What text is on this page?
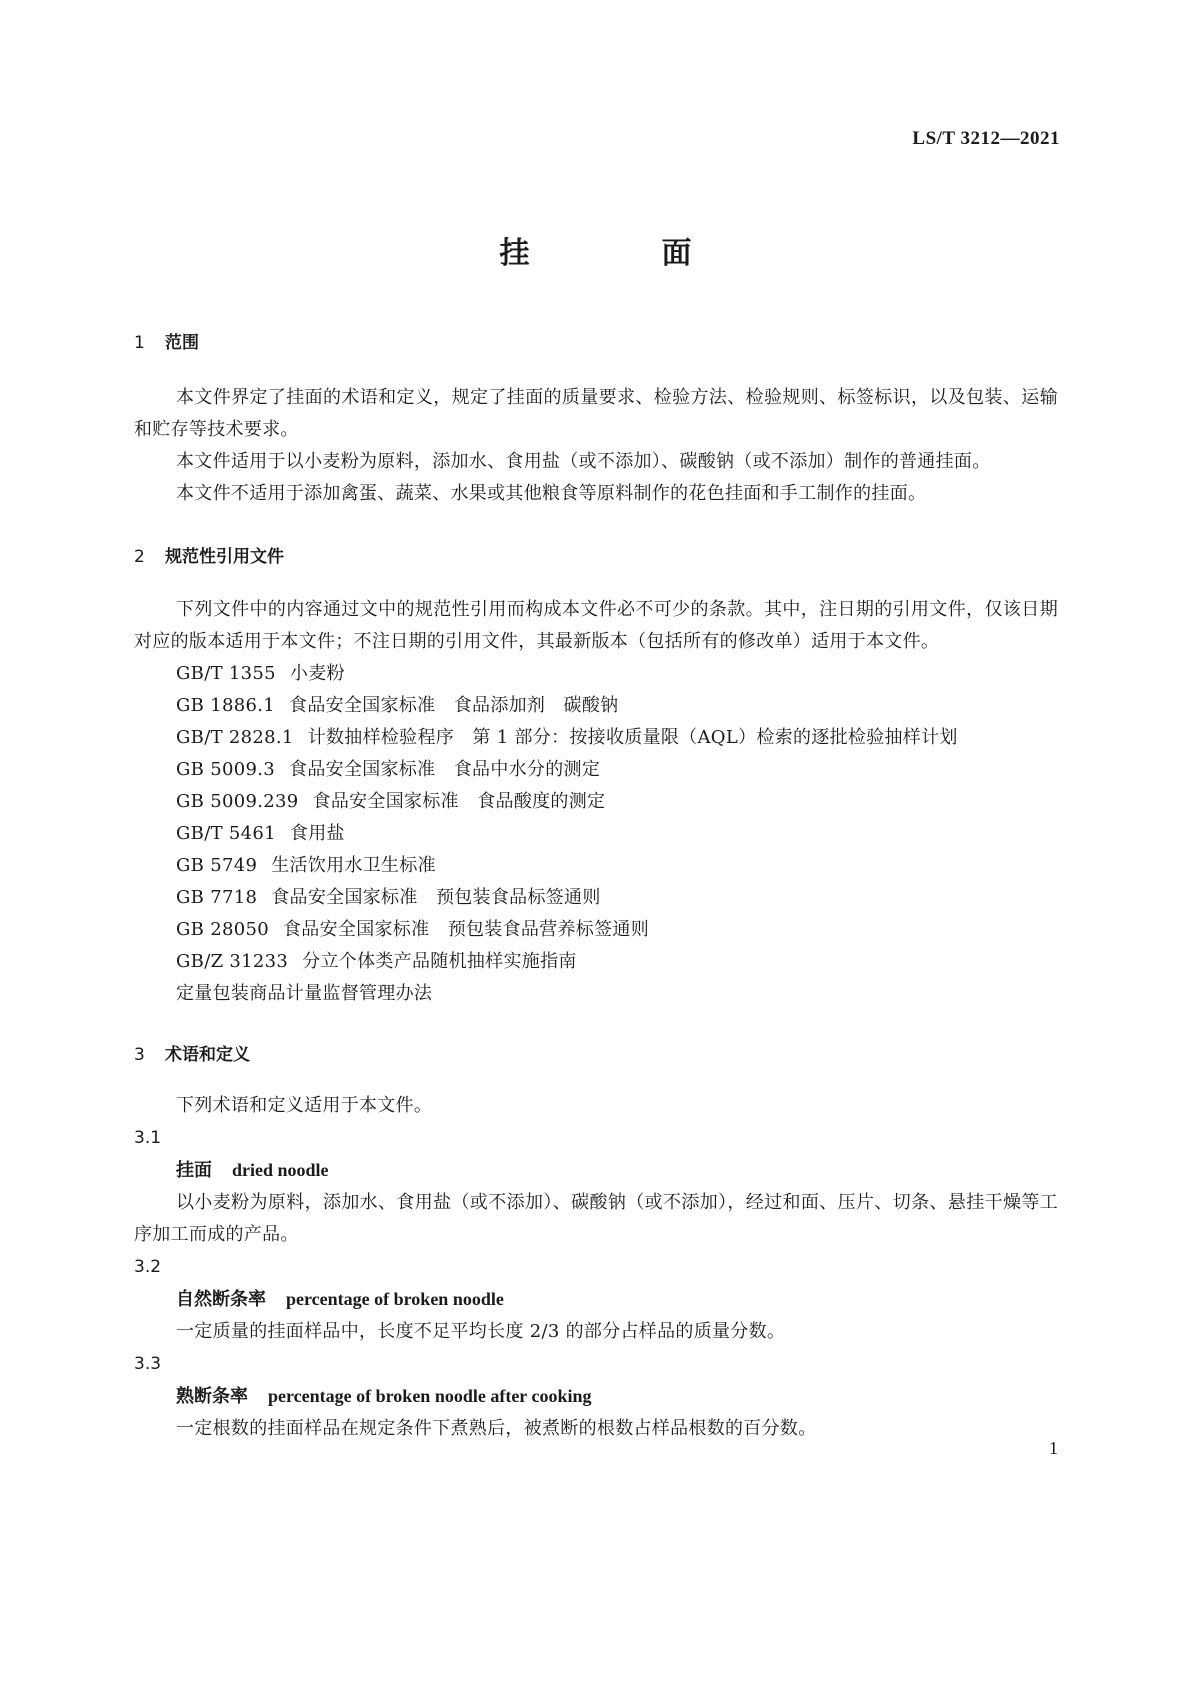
LS/T 3212—2021
挂	面
1 范围

本文件界定了挂面的术语和定义，规定了挂面的质量要求、检验方法、检验规则、标签标识，以及包装、运输和贮存等技术要求。

本文件适用于以小麦粉为原料，添加水、食用盐（或不添加）、碳酸钠（或不添加）制作的普通挂面。

本文件不适用于添加禽蛋、蔬菜、水果或其他粮食等原料制作的花色挂面和手工制作的挂面。

2 规范性引用文件

下列文件中的内容通过文中的规范性引用而构成本文件必不可少的条款。其中，注日期的引用文件，仅该日期对应的版本适用于本文件；不注日期的引用文件，其最新版本（包括所有的修改单）适用于本文件。

GB/T 1355 小麦粉
GB 1886.1 食品安全国家标准　食品添加剂　碳酸钠
GB/T 2828.1 计数抽样检验程序　第 1 部分：按接收质量限（AQL）检索的逐批检验抽样计划
GB 5009.3 食品安全国家标准　食品中水分的测定
GB 5009.239 食品安全国家标准　食品酸度的测定
GB/T 5461 食用盐
GB 5749 生活饮用水卫生标准
GB 7718 食品安全国家标准　预包装食品标签通则
GB 28050 食品安全国家标准　预包装食品营养标签通则
GB/Z 31233 分立个体类产品随机抽样实施指南
定量包装商品计量监督管理办法
3 术语和定义

下列术语和定义适用于本文件。

3.1
挂面 dried noodle

以小麦粉为原料，添加水、食用盐（或不添加）、碳酸钠（或不添加），经过和面、压片、切条、悬挂干燥等工序加工而成的产品。

3.2
自然断条率 percentage of broken noodle

一定质量的挂面样品中，长度不足平均长度 2/3 的部分占样品的质量分数。

3.3
熟断条率 percentage of broken noodle after cooking

一定根数的挂面样品在规定条件下煮熟后，被煮断的根数占样品根数的百分数。

1
